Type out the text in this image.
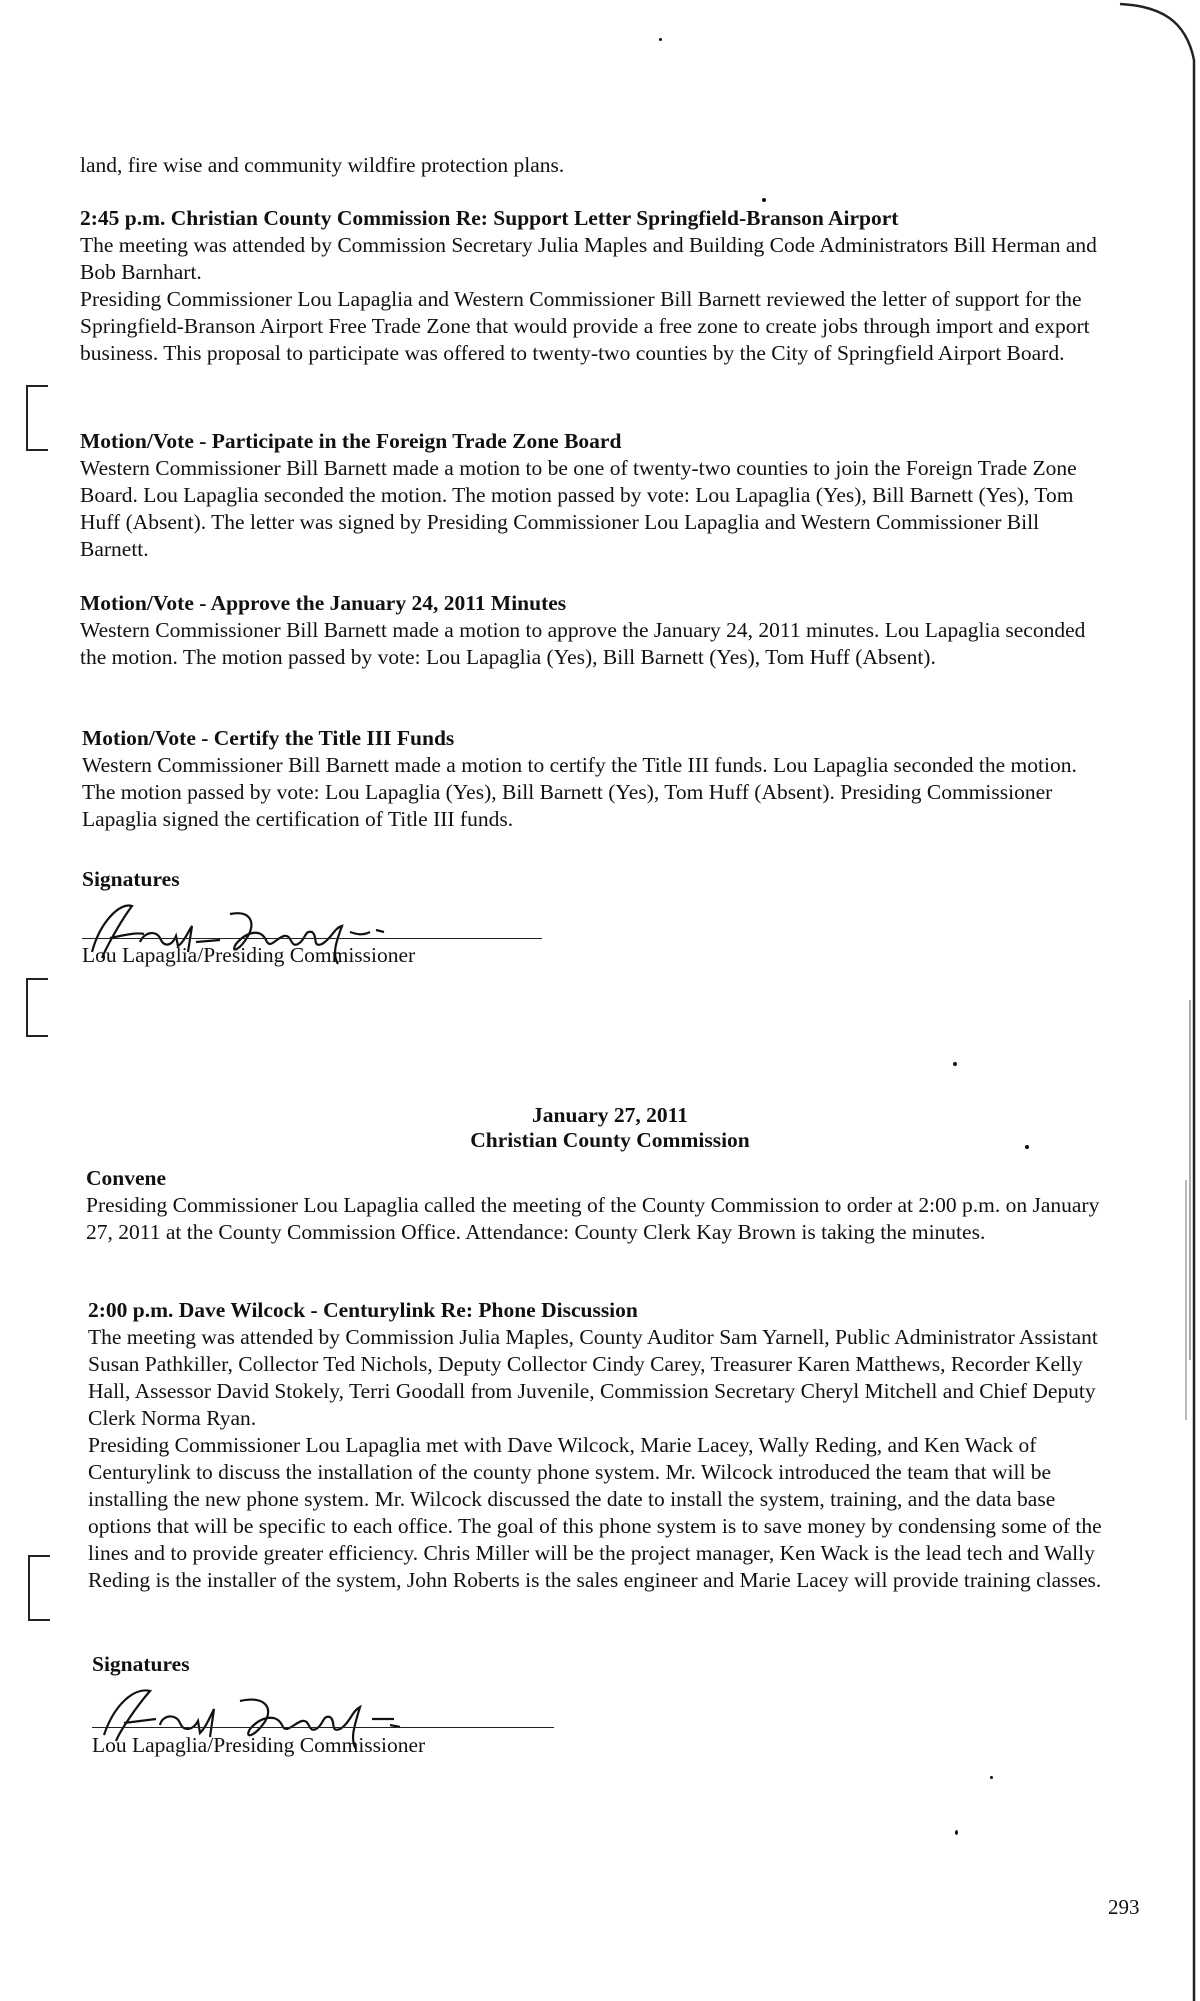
land, fire wise and community wildfire protection plans.

2:45 p.m. Christian County Commission Re: Support Letter Springfield-Branson Airport

The meeting was attended by Commission Secretary Julia Maples and Building Code Administrators Bill Herman and Bob Barnhart.

Presiding Commissioner Lou Lapaglia and Western Commissioner Bill Barnett reviewed the letter of support for the Springfield-Branson Airport Free Trade Zone that would provide a free zone to create jobs through import and export business. This proposal to participate was offered to twenty-two counties by the City of Springfield Airport Board.

Motion/Vote - Participate in the Foreign Trade Zone Board

Western Commissioner Bill Barnett made a motion to be one of twenty-two counties to join the Foreign Trade Zone Board. Lou Lapaglia seconded the motion. The motion passed by vote: Lou Lapaglia (Yes), Bill Barnett (Yes), Tom Huff (Absent). The letter was signed by Presiding Commissioner Lou Lapaglia and Western Commissioner Bill Barnett.

Motion/Vote - Approve the January 24, 2011 Minutes

Western Commissioner Bill Barnett made a motion to approve the January 24, 2011 minutes. Lou Lapaglia seconded the motion. The motion passed by vote: Lou Lapaglia (Yes), Bill Barnett (Yes), Tom Huff (Absent).

Motion/Vote - Certify the Title III Funds

Western Commissioner Bill Barnett made a motion to certify the Title III funds. Lou Lapaglia seconded the motion. The motion passed by vote: Lou Lapaglia (Yes), Bill Barnett (Yes), Tom Huff (Absent). Presiding Commissioner Lapaglia signed the certification of Title III funds.

Signatures

Lou Lapaglia/Presiding Commissioner

January 27, 2011

Christian County Commission

Convene

Presiding Commissioner Lou Lapaglia called the meeting of the County Commission to order at 2:00 p.m. on January 27, 2011 at the County Commission Office. Attendance: County Clerk Kay Brown is taking the minutes.

2:00 p.m. Dave Wilcock - Centurylink Re: Phone Discussion

The meeting was attended by Commission Julia Maples, County Auditor Sam Yarnell, Public Administrator Assistant Susan Pathkiller, Collector Ted Nichols, Deputy Collector Cindy Carey, Treasurer Karen Matthews, Recorder Kelly Hall, Assessor David Stokely, Terri Goodall from Juvenile, Commission Secretary Cheryl Mitchell and Chief Deputy Clerk Norma Ryan.

Presiding Commissioner Lou Lapaglia met with Dave Wilcock, Marie Lacey, Wally Reding, and Ken Wack of Centurylink to discuss the installation of the county phone system. Mr. Wilcock introduced the team that will be installing the new phone system. Mr. Wilcock discussed the date to install the system, training, and the data base options that will be specific to each office. The goal of this phone system is to save money by condensing some of the lines and to provide greater efficiency. Chris Miller will be the project manager, Ken Wack is the lead tech and Wally Reding is the installer of the system, John Roberts is the sales engineer and Marie Lacey will provide training classes.

Signatures

Lou Lapaglia/Presiding Commissioner
293
